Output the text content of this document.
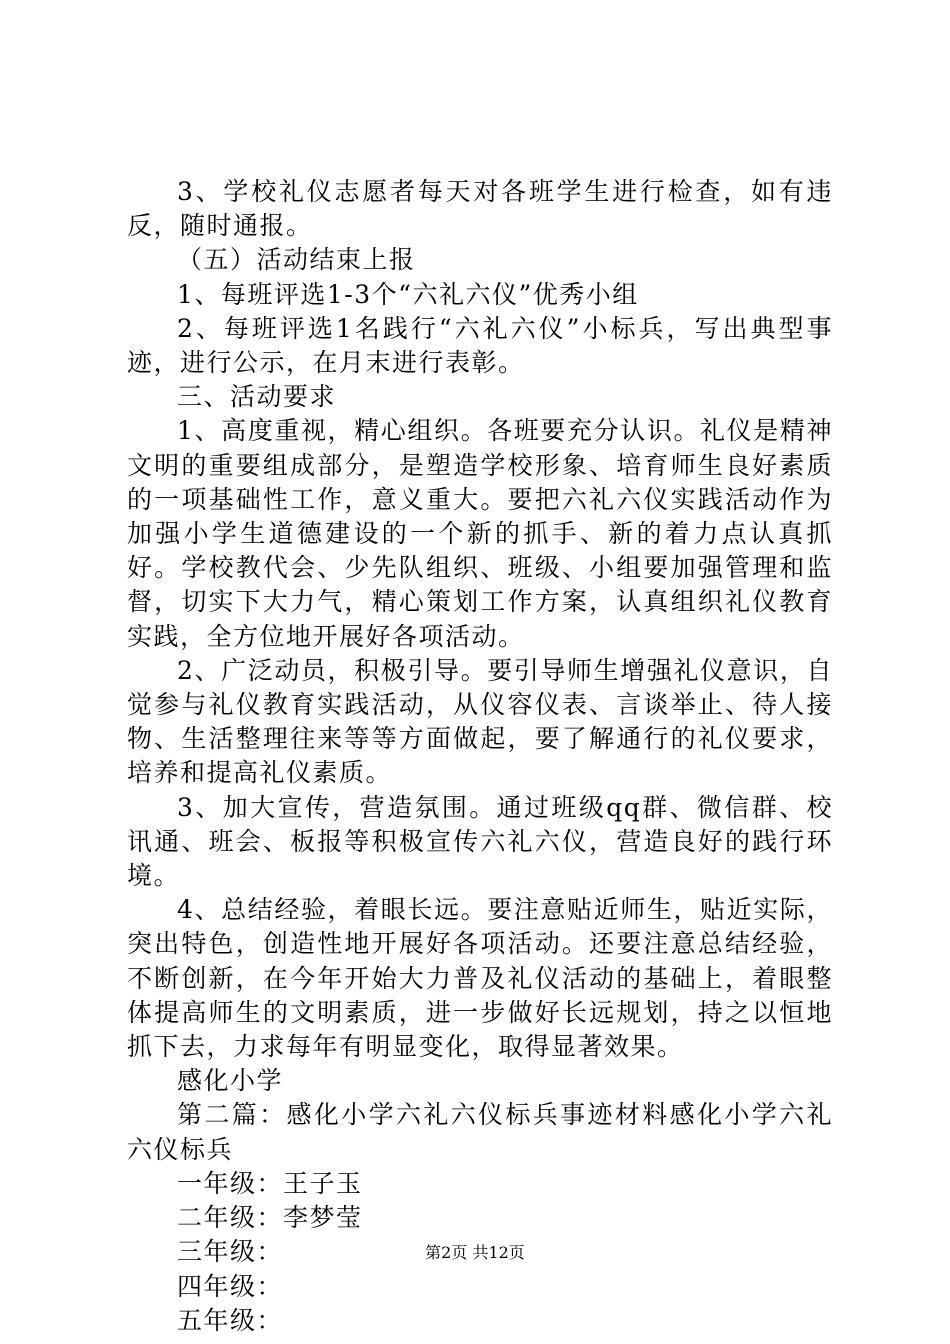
3、学校礼仪志愿者每天对各班学生进行检查，如有违反，随时通报。

（五）活动结束上报

1、每班评选1-3个“六礼六仪”优秀小组

2、每班评选1名践行“六礼六仪”小标兵，写出典型事迹，进行公示，在月末进行表彰。

三、活动要求

1、高度重视，精心组织。各班要充分认识。礼仪是精神文明的重要组成部分，是塑造学校形象、培育师生良好素质的一项基础性工作，意义重大。要把六礼六仪实践活动作为加强小学生道德建设的一个新的抓手、新的着力点认真抓好。学校教代会、少先队组织、班级、小组要加强管理和监督，切实下大力气，精心策划工作方案，认真组织礼仪教育实践，全方位地开展好各项活动。

2、广泛动员，积极引导。要引导师生增强礼仪意识，自觉参与礼仪教育实践活动，从仪容仪表、言谈举止、待人接物、生活整理往来等等方面做起，要了解通行的礼仪要求，培养和提高礼仪素质。

3、加大宣传，营造氛围。通过班级qq群、微信群、校讯通、班会、板报等积极宣传六礼六仪，营造良好的践行环境。

4、总结经验，着眼长远。要注意贴近师生，贴近实际，突出特色，创造性地开展好各项活动。还要注意总结经验，不断创新，在今年开始大力普及礼仪活动的基础上，着眼整体提高师生的文明素质，进一步做好长远规划，持之以恒地抓下去，力求每年有明显变化，取得显著效果。

感化小学

第二篇：感化小学六礼六仪标兵事迹材料感化小学六礼六仪标兵

一年级：王子玉

二年级：李梦莹

三年级：

四年级：

五年级：

第2页 共12页
